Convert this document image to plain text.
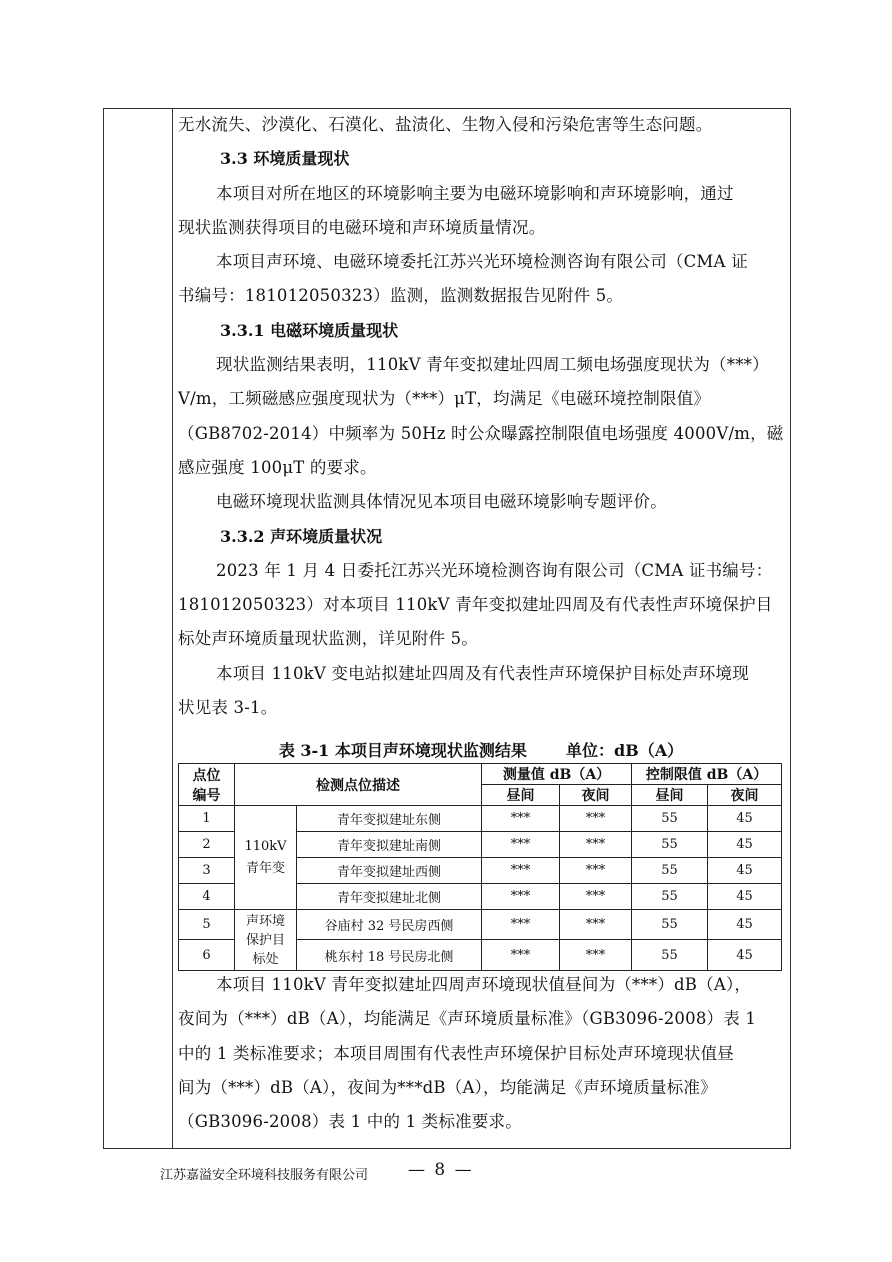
无水流失、沙漠化、石漠化、盐渍化、生物入侵和污染危害等生态问题。

3.3 环境质量现状

本项目对所在地区的环境影响主要为电磁环境影响和声环境影响，通过

现状监测获得项目的电磁环境和声环境质量情况。

本项目声环境、电磁环境委托江苏兴光环境检测咨询有限公司（CMA 证

书编号：181012050323）监测，监测数据报告见附件 5。

3.3.1 电磁环境质量现状

现状监测结果表明，110kV 青年变拟建址四周工频电场强度现状为（***）

V/m，工频磁感应强度现状为（***）μT，均满足《电磁环境控制限值》

（GB8702-2014）中频率为 50Hz 时公众曝露控制限值电场强度 4000V/m，磁

感应强度 100μT 的要求。

电磁环境现状监测具体情况见本项目电磁环境影响专题评价。

3.3.2 声环境质量状况

2023 年 1 月 4 日委托江苏兴光环境检测咨询有限公司（CMA 证书编号：

181012050323）对本项目 110kV 青年变拟建址四周及有代表性声环境保护目

标处声环境质量现状监测，详见附件 5。

本项目 110kV 变电站拟建址四周及有代表性声环境保护目标处声环境现

状见表 3-1。

表 3-1 本项目声环境现状监测结果 单位：dB（A）
点位
编号	检测点位描述		测量值 dB（A）		控制限值 dB（A）	
			昼间	夜间	昼间	夜间
1	110kV
青年变	青年变拟建址东侧	***	***	55	45
2		青年变拟建址南侧	***	***	55	45
3		青年变拟建址西侧	***	***	55	45
4		青年变拟建址北侧	***	***	55	45
5	声环境
保护目
标处	谷庙村 32 号民房西侧	***	***	55	45
6		桃东村 18 号民房北侧	***	***	55	45

本项目 110kV 青年变拟建址四周声环境现状值昼间为（***）dB（A），

夜间为（***）dB（A），均能满足《声环境质量标准》（GB3096-2008）表 1

中的 1 类标准要求；本项目周围有代表性声环境保护目标处声环境现状值昼

间为（***）dB（A），夜间为***dB（A），均能满足《声环境质量标准》

（GB3096-2008）表 1 中的 1 类标准要求。

江苏嘉溢安全环境科技服务有限公司 — 8 —
